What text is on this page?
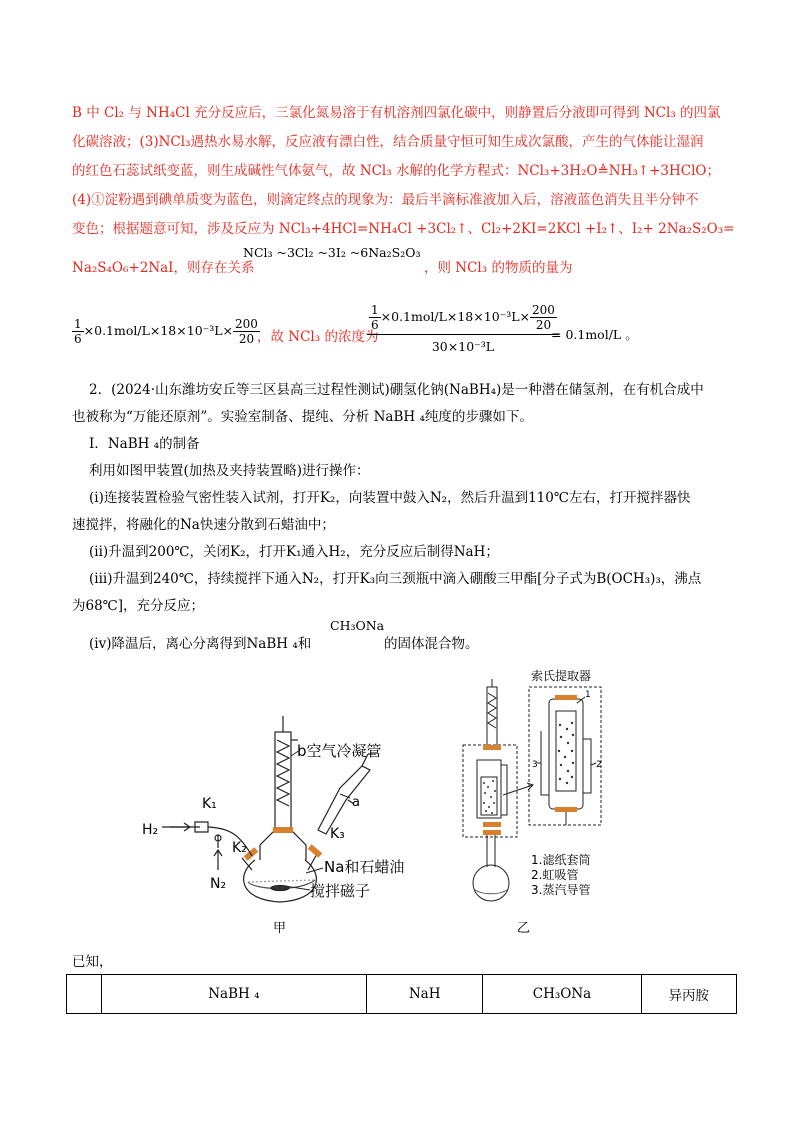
B 中 Cl₂ 与 NH₄Cl 充分反应后，三氯化氮易溶于有机溶剂四氯化碳中，则静置后分液即可得到 NCl₃ 的四氯
化碳溶液；(3)NCl₃遇热水易水解，反应液有漂白性，结合质量守恒可知生成次氯酸，产生的气体能让湿润
的红色石蕊试纸变蓝，则生成碱性气体氨气，故 NCl₃ 水解的化学方程式：NCl₃+3H₂O≜NH₃↑+3HClO；
(4)①淀粉遇到碘单质变为蓝色，则滴定终点的现象为：最后半滴标准液加入后，溶液蓝色消失且半分钟不
变色；根据题意可知，涉及反应为 NCl₃+4HCl=NH₄Cl +3Cl₂↑、Cl₂+2KI=2KCl +I₂↑、I₂+ 2Na₂S₂O₃=
Na₂S₄O₆+2NaI，则存在关系
NCl₃ ~3Cl₂ ~3I₂ ~6Na₂S₂O₃
，则 NCl₃ 的物质的量为
$\frac{1}{6} \times 0.1mol/L\times 18\times 10^{-3}L\times \frac{200}{20}$
，故 NCl₃ 的浓度为
$\frac{1}{6} \times 0.1mol/L\times 18\times 10^{-3}L\times \frac{200}{20}$
30×10⁻³L
= 0.1mol/L 。
2．(2024·山东潍坊安丘等三区县高三过程性测试)硼氢化钠(NaBH₄)是一种潜在储氢剂，在有机合成中
也被称为“万能还原剂”。实验室制备、提纯、分析 NaBH ₄纯度的步骤如下。
I．NaBH ₄的制备
利用如图甲装置(加热及夹持装置略)进行操作：
(i)连接装置检验气密性装入试剂，打开K₂，向装置中鼓入N₂，然后升温到110℃左右，打开搅拌器快
速搅拌，将融化的Na快速分散到石蜡油中；
(ii)升温到200℃，关闭K₂，打开K₁通入H₂，充分反应后制得NaH；
(iii)升温到240℃，持续搅拌下通入N₂，打开K₃向三颈瓶中滴入硼酸三甲酯[分子式为B(OCH₃)₃，沸点
为68℃]，充分反应；
(iv)降温后，离心分离得到NaBH ₄和
CH₃ONa
的固体混合物。
b空气冷凝管
a
K₁
K₂
K₃
H₂
N₂
Na和石蜡油
搅拌磁子
甲
索氏提取器
1
2
3
1.滤纸套筒
2.虹吸管
3.蒸汽导管
乙
已知，
	NaBH ₄	NaH	CH₃ONa	异丙胺
